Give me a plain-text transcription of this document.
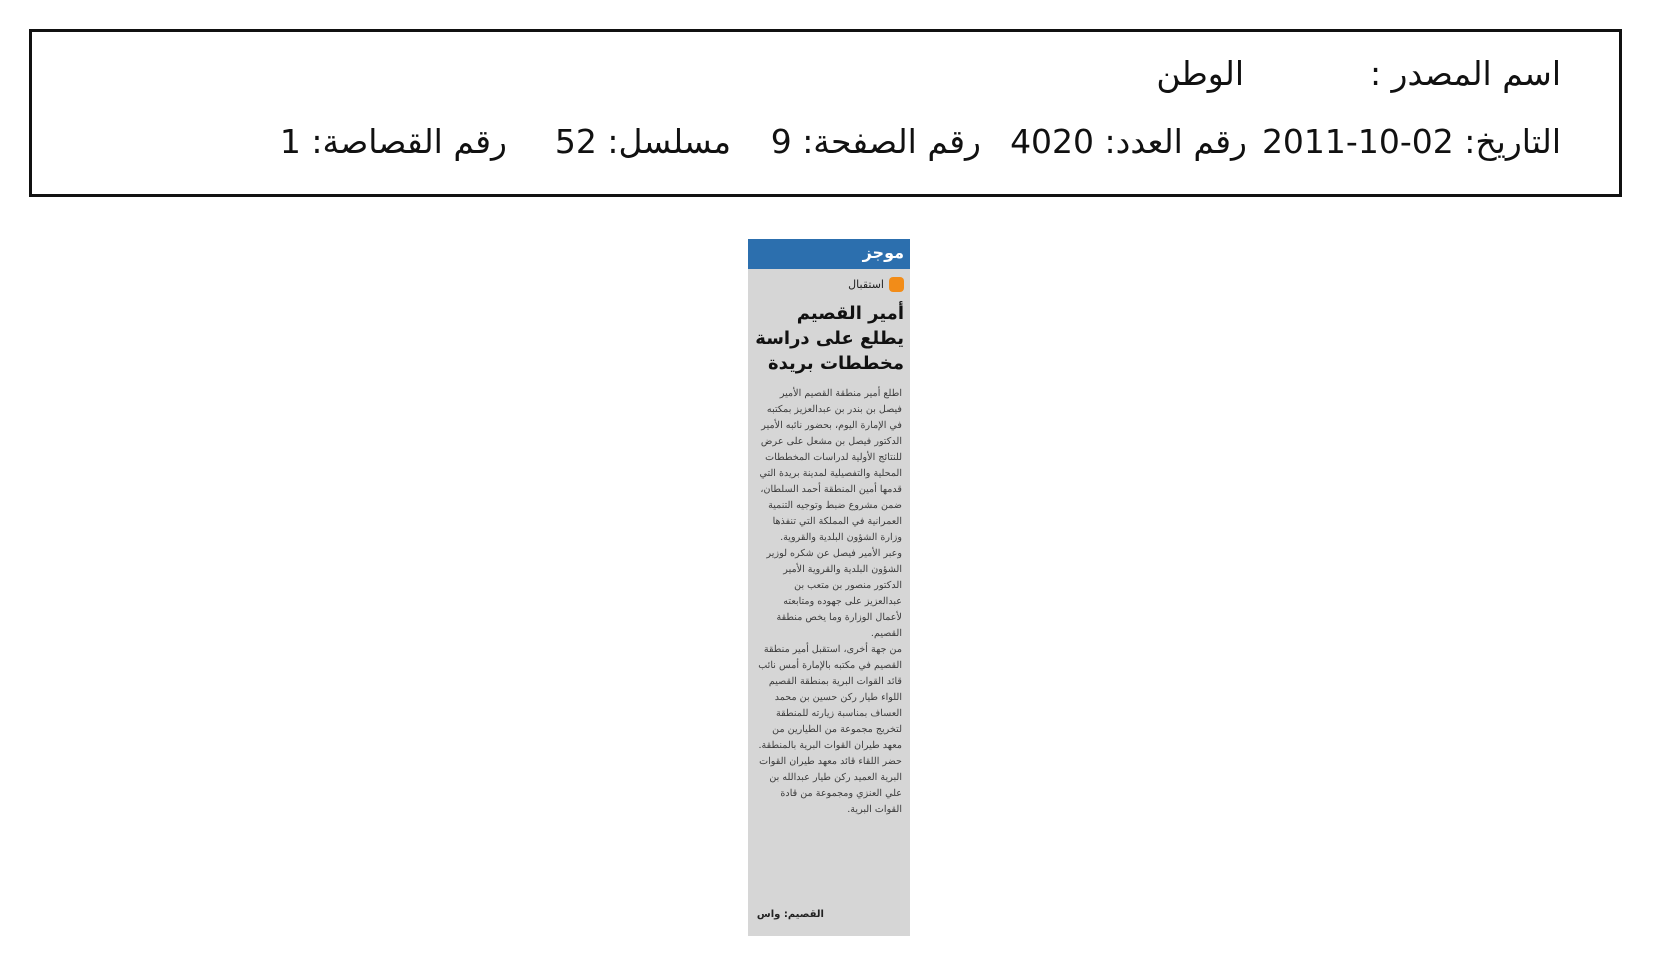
اسم المصدر :
الوطن
التاريخ: 2011-10-02
رقم العدد: 4020
رقم الصفحة: 9
مسلسل: 52
رقم القصاصة: 1
موجز
استقبال
أمير القصيم يطلع على دراسة مخططات بريدة

اطلع أمير منطقة القصيم الأمير فيصل بن بندر بن عبدالعزيز بمكتبه في الإمارة اليوم، بحضور نائبه الأمير الدكتور فيصل بن مشعل على عرض للنتائج الأولية لدراسات المخططات المحلية والتفصيلية لمدينة بريدة التي قدمها أمين المنطقة أحمد السلطان، ضمن مشروع ضبط وتوجيه التنمية العمرانية في المملكة التي تنفذها وزارة الشؤون البلدية والقروية.

وعبر الأمير فيصل عن شكره لوزير الشؤون البلدية والقروية الأمير الدكتور منصور بن متعب بن عبدالعزيز على جهوده ومتابعته لأعمال الوزارة وما يخص منطقة القصيم.

من جهة أخرى، استقبل أمير منطقة القصيم في مكتبه بالإمارة أمس نائب قائد القوات البرية بمنطقة القصيم اللواء طيار ركن حسين بن محمد العساف بمناسبة زيارته للمنطقة لتخريج مجموعة من الطيارين من معهد طيران القوات البرية بالمنطقة.

حضر اللقاء قائد معهد طيران القوات البرية العميد ركن طيار عبدالله بن علي العنزي ومجموعة من قادة القوات البرية.

القصيم: واس
